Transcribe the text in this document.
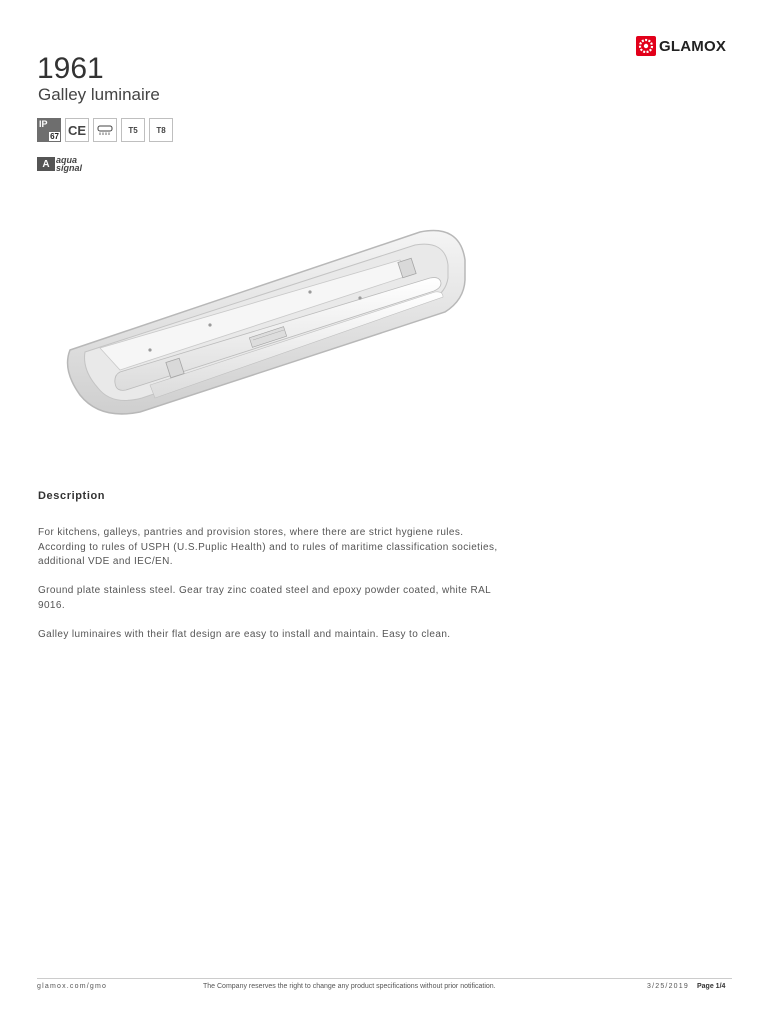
GLAMOX
1961
Galley luminaire
IP
67 CE	T5	T8
A aqua
signal
Description

For kitchens, galleys, pantries and provision stores, where there are strict hygiene rules. According to rules of USPH (U.S.Puplic Health) and to rules of maritime classification societies, additional VDE and IEC/EN.

Ground plate stainless steel. Gear tray zinc coated steel and epoxy powder coated, white RAL 9016.

Galley luminaires with their flat design are easy to install and maintain. Easy to clean.

glamox.com/gmo	The Company reserves the right to change any product specifications without prior notification.	3/25/2019 Page 1/4
